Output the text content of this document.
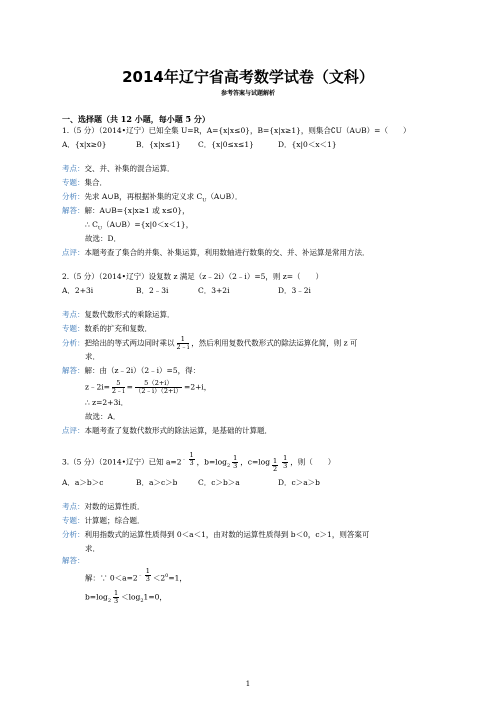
2014年辽宁省高考数学试卷（文科）
参考答案与试题解析
一、选择题（共 12 小题，每小题 5 分）
1.（5 分）（2014•辽宁）已知全集 U=R，A={x|x≤0}，B={x|x≥1}，则集合∁U（A∪B）=（　　）
A．{x|x≥0}	B．{x|x≤1} C．{x|0≤x≤1}	D．{x|0＜x＜1}
考点：交、并、补集的混合运算．
专题：集合．
分析：先求 A∪B，再根据补集的定义求 $C_U(A\cup B)$．
解答：解：A∪B={x|x≥1 或 x≤0}，
∴ $C_U(A\cup B)=\{x|0<x<1\}$，
故选：D．
点评：本题考查了集合的并集、补集运算，利用数轴进行数集的交、并、补运算是常用方法．
2.（5 分）（2014•辽宁）设复数 z 满足（z﹣2i）（2﹣i）=5，则 z=（　　）
A．2+3i	B．2﹣3i	C．3+2i	D．3﹣2i
考点：复数代数形式的乘除运算．
专题：数系的扩充和复数．
分析：把给出的等式两边同时乘以 $\frac{1}{2﹣i}$ ，然后利用复数代数形式的除法运算化简，则 z 可
求．
解答：解：由（z﹣2i）（2﹣i）=5，得：
z﹣2i= $\frac{5}{2﹣i} = \frac{5(2+i)}{(2﹣i)(2+i)} =2+i$，
∴ z=2+3i．
故选：A．
点评：本题考查了复数代数形式的除法运算，是基础的计算题．
3.（5 分）（2014•辽宁）已知 $a=2^{﹣ \frac{1}{3}}$ ，$b=\log_2 \frac{1}{3}$ ，c=log $_{\frac{1}{2}} \frac{1}{3}$ ，则（　　）
A．a＞b＞c	B．a＞c＞b	C．c＞b＞a	D．c＞a＞b
考点：对数的运算性质．
专题：计算题；综合题．
分析：利用指数式的运算性质得到 0＜a＜1，由对数的运算性质得到 b＜0，c＞1，则答案可
求．
解答：
解：∵ $0<a=2^{﹣ \frac{1}{3}} <2^0=1$，
$b=\log_2 \frac{1}{3} <\log_21=0$，
1
